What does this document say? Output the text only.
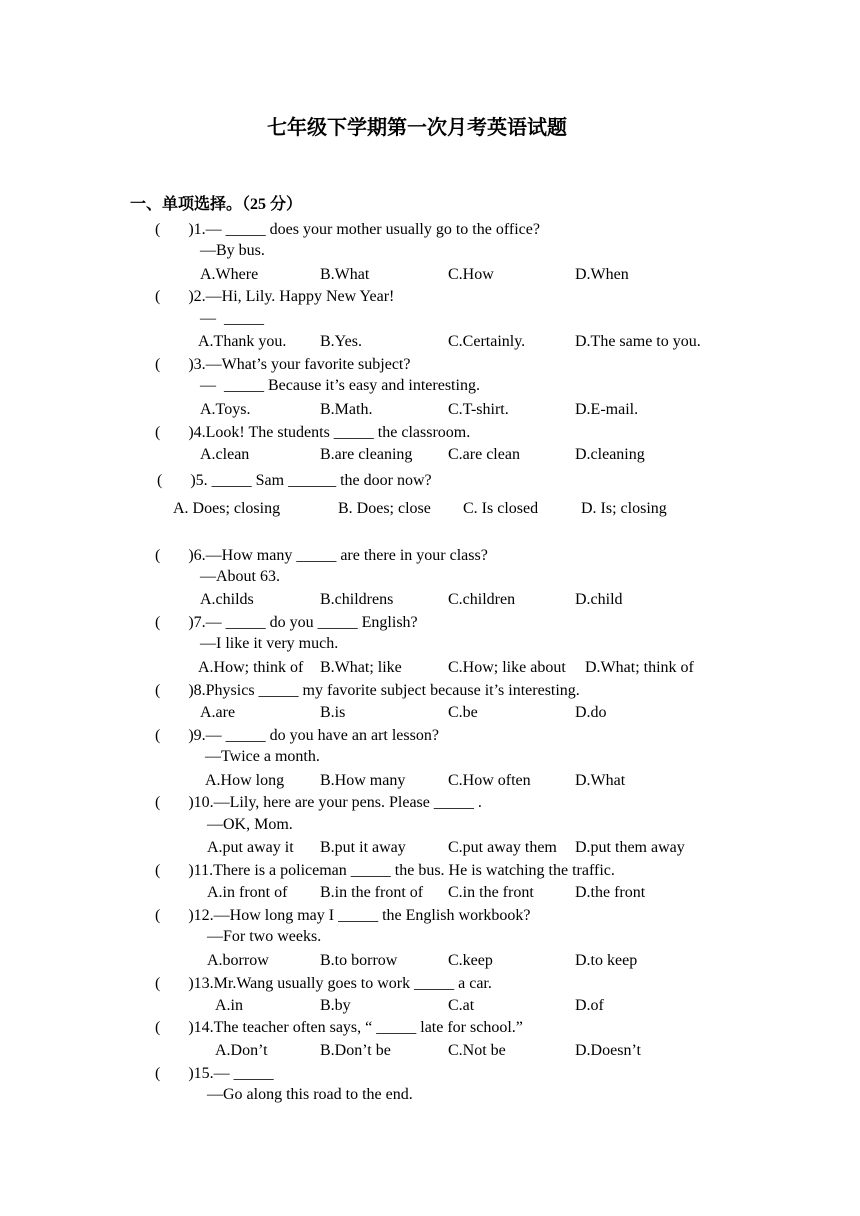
七年级下学期第一次月考英语试题
一、单项选择。（25 分）
(       )1.— _____ does your mother usually go to the office?
—By bus.
A.Where	B.What	C.How	D.When
(       )2.—Hi, Lily. Happy New Year!
—  _____
A.Thank you. B.Yes.	C.Certainly.	D.The same to you.
(       )3.—What’s your favorite subject?
—  _____ Because it’s easy and interesting.
A.Toys.	B.Math.	C.T-shirt.	D.E-mail.
(       )4.Look! The students _____ the classroom.
A.clean	B.are cleaning C.are clean	D.cleaning
(       )5. _____ Sam ______ the door now?
A. Does; closing	B. Does; close C. Is closed	D. Is; closing
(       )6.—How many _____ are there in your class?
—About 63.
A.childs	B.childrens	C.children	D.child
(       )7.— _____ do you _____ English?
—I like it very much.
A.How; think of B.What; like	C.How; like about D.What; think of
(       )8.Physics _____ my favorite subject because it’s interesting.
A.are	B.is	C.be	D.do
(       )9.— _____ do you have an art lesson?
—Twice a month.
A.How long B.How many	C.How often	D.What
(       )10.—Lily, here are your pens. Please _____ .
—OK, Mom.
A.put away it B.put it away	C.put away them D.put them away
(       )11.There is a policeman _____ the bus. He is watching the traffic.
A.in front of B.in the front of C.in the front	D.the front
(       )12.—How long may I _____ the English workbook?
—For two weeks.
A.borrow	B.to borrow	C.keep	D.to keep
(       )13.Mr.Wang usually goes to work _____ a car.
A.in	B.by	C.at	D.of
(       )14.The teacher often says, “ _____ late for school.”
A.Don’t	B.Don’t be	C.Not be	D.Doesn’t
(       )15.— _____
—Go along this road to the end.
